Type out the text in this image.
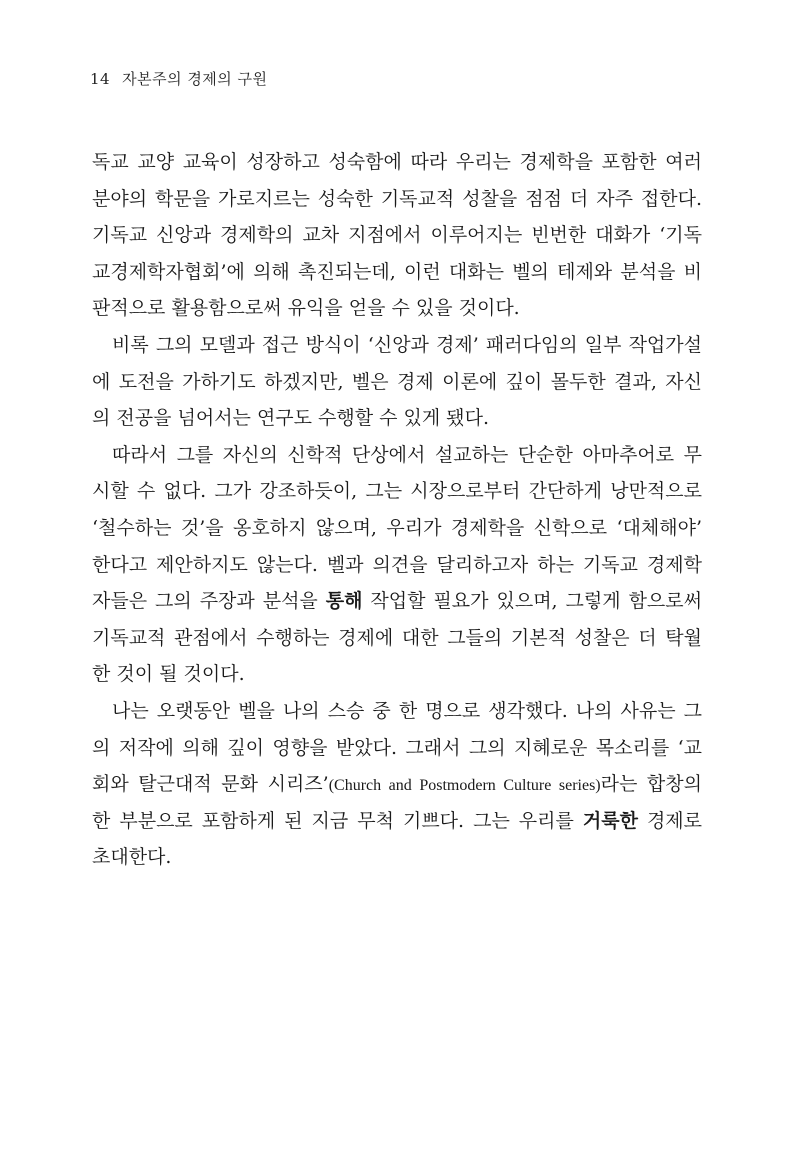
14 자본주의 경제의 구원
독교 교양 교육이 성장하고 성숙함에 따라 우리는 경제학을 포함한 여러
분야의 학문을 가로지르는 성숙한 기독교적 성찰을 점점 더 자주 접한다.
기독교 신앙과 경제학의 교차 지점에서 이루어지는 빈번한 대화가 ‘기독
교경제학자협회’에 의해 촉진되는데, 이런 대화는 벨의 테제와 분석을 비
판적으로 활용함으로써 유익을 얻을 수 있을 것이다.
비록 그의 모델과 접근 방식이 ‘신앙과 경제’ 패러다임의 일부 작업가설
에 도전을 가하기도 하겠지만, 벨은 경제 이론에 깊이 몰두한 결과, 자신
의 전공을 넘어서는 연구도 수행할 수 있게 됐다.
따라서 그를 자신의 신학적 단상에서 설교하는 단순한 아마추어로 무
시할 수 없다. 그가 강조하듯이, 그는 시장으로부터 간단하게 낭만적으로
‘철수하는 것’을 옹호하지 않으며, 우리가 경제학을 신학으로 ‘대체해야’
한다고 제안하지도 않는다. 벨과 의견을 달리하고자 하는 기독교 경제학
자들은 그의 주장과 분석을 통해 작업할 필요가 있으며, 그렇게 함으로써
기독교적 관점에서 수행하는 경제에 대한 그들의 기본적 성찰은 더 탁월
한 것이 될 것이다.
나는 오랫동안 벨을 나의 스승 중 한 명으로 생각했다. 나의 사유는 그
의 저작에 의해 깊이 영향을 받았다. 그래서 그의 지혜로운 목소리를 ‘교
회와 탈근대적 문화 시리즈’(Church and Postmodern Culture series)라는 합창의
한 부분으로 포함하게 된 지금 무척 기쁘다. 그는 우리를 거룩한 경제로
초대한다.
